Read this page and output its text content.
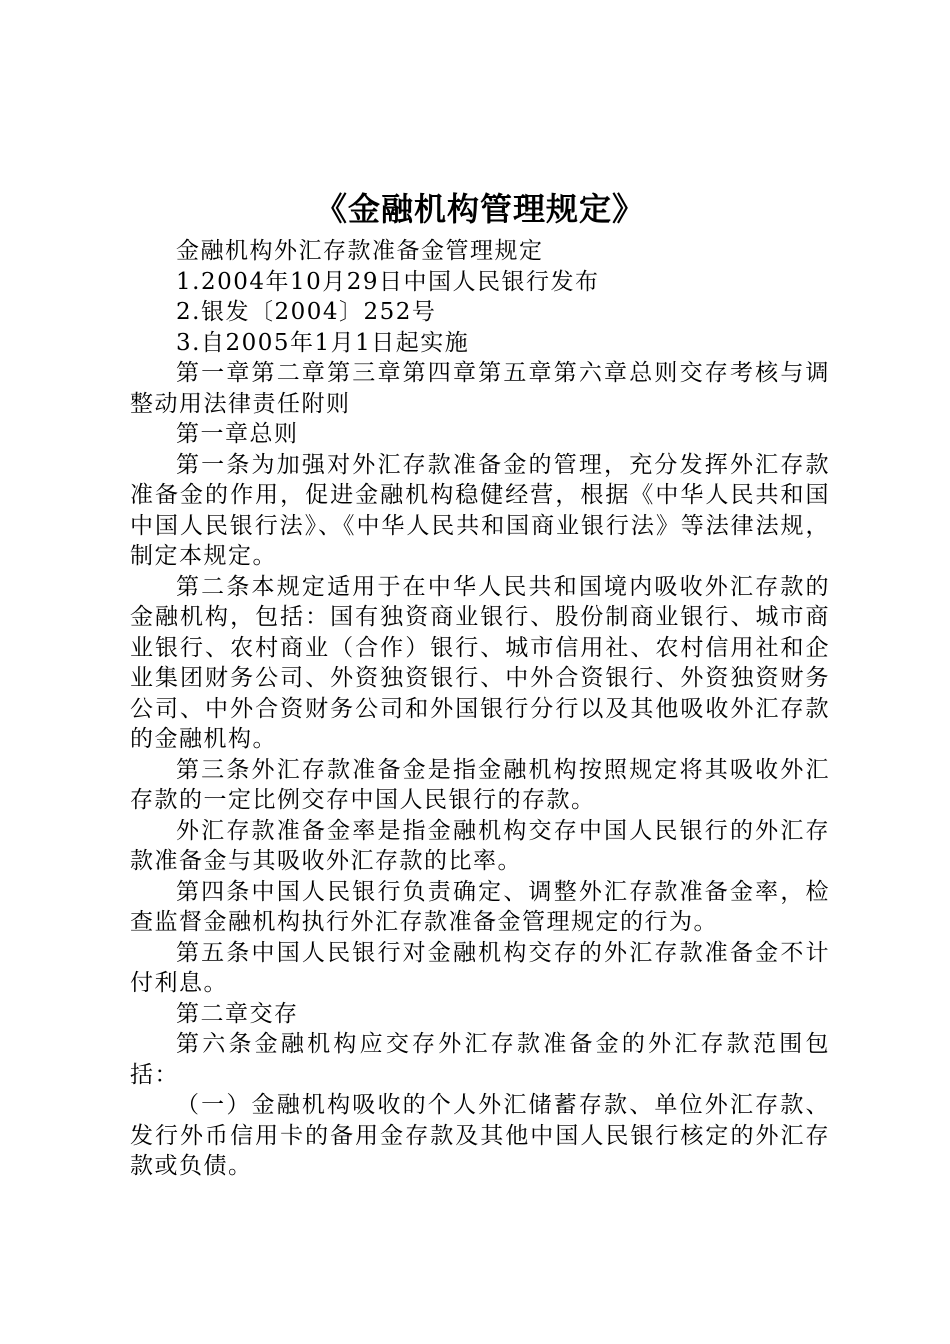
《金融机构管理规定》

金融机构外汇存款准备金管理规定

1.2004年10月29日中国人民银行发布

2.银发〔2004〕252号

3.自2005年1月1日起实施

第一章第二章第三章第四章第五章第六章总则交存考核与调整动用法律责任附则

第一章总则

第一条为加强对外汇存款准备金的管理，充分发挥外汇存款准备金的作用，促进金融机构稳健经营，根据《中华人民共和国中国人民银行法》、《中华人民共和国商业银行法》等法律法规，制定本规定。

第二条本规定适用于在中华人民共和国境内吸收外汇存款的金融机构，包括：国有独资商业银行、股份制商业银行、城市商业银行、农村商业（合作）银行、城市信用社、农村信用社和企业集团财务公司、外资独资银行、中外合资银行、外资独资财务公司、中外合资财务公司和外国银行分行以及其他吸收外汇存款的金融机构。

第三条外汇存款准备金是指金融机构按照规定将其吸收外汇存款的一定比例交存中国人民银行的存款。

外汇存款准备金率是指金融机构交存中国人民银行的外汇存款准备金与其吸收外汇存款的比率。

第四条中国人民银行负责确定、调整外汇存款准备金率，检查监督金融机构执行外汇存款准备金管理规定的行为。

第五条中国人民银行对金融机构交存的外汇存款准备金不计付利息。

第二章交存

第六条金融机构应交存外汇存款准备金的外汇存款范围包括：

（一）金融机构吸收的个人外汇储蓄存款、单位外汇存款、发行外币信用卡的备用金存款及其他中国人民银行核定的外汇存款或负债。
